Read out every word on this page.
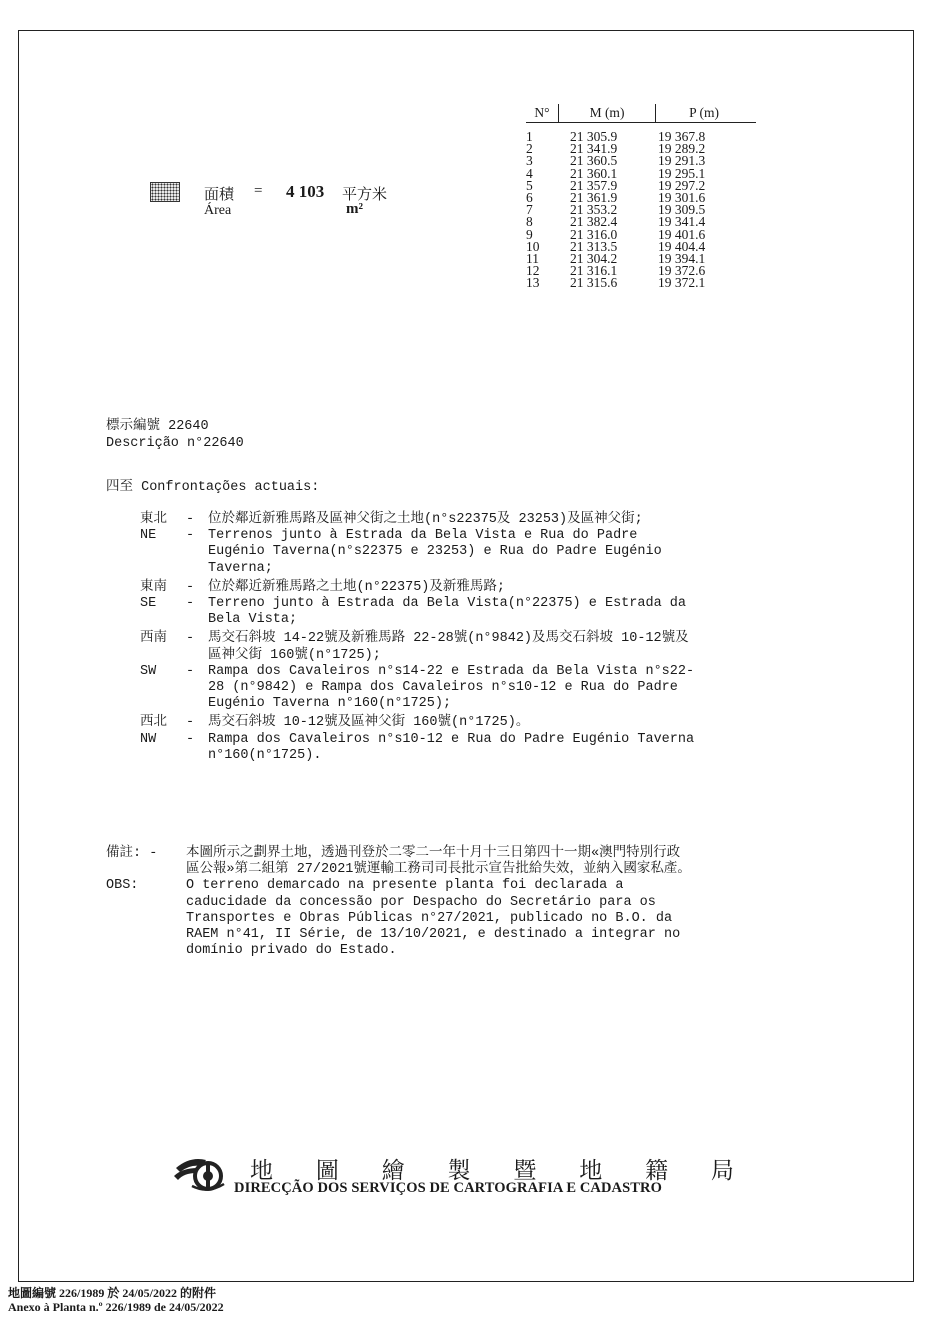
N°	M (m)	P (m)
1	21 305.9	19 367.8
2	21 341.9	19 289.2
3	21 360.5	19 291.3
4	21 360.1	19 295.1
5	21 357.9	19 297.2
6	21 361.9	19 301.6
7	21 353.2	19 309.5
8	21 382.4	19 341.4
9	21 316.0	19 401.6
10	21 313.5	19 404.4
11	21 304.2	19 394.1
12	21 316.1	19 372.6
13	21 315.6	19 372.1
面積
Área
= 4 103 平方米
m²
標示編號 22640
Descrição n°22640
四至 Confrontações actuais:
東北	-	位於鄰近新雅馬路及區神父街之土地(n°s22375及 23253)及區神父街;
NE	-	Terrenos junto à Estrada da Bela Vista e Rua do Padre
Eugénio Taverna(n°s22375 e 23253) e Rua do Padre Eugénio
Taverna;
東南	-	位於鄰近新雅馬路之土地(n°22375)及新雅馬路;
SE	-	Terreno junto à Estrada da Bela Vista(n°22375) e Estrada da
Bela Vista;
西南	-	馬交石斜坡 14-22號及新雅馬路 22-28號(n°9842)及馬交石斜坡 10-12號及
區神父街 160號(n°1725);
SW	-	Rampa dos Cavaleiros n°s14-22 e Estrada da Bela Vista n°s22-
28 (n°9842) e Rampa dos Cavaleiros n°s10-12 e Rua do Padre
Eugénio Taverna n°160(n°1725);
西北	-	馬交石斜坡 10-12號及區神父街 160號(n°1725)。
NW	-	Rampa dos Cavaleiros n°s10-12 e Rua do Padre Eugénio Taverna
n°160(n°1725).
備註: -	本圖所示之劃界土地，透過刊登於二零二一年十月十三日第四十一期«澳門特別行政
區公報»第二組第 27/2021號運輸工務司司長批示宣告批給失效，並納入國家私產。
OBS:	O terreno demarcado na presente planta foi declarada a
caducidade da concessão por Despacho do Secretário para os
Transportes e Obras Públicas n°27/2021, publicado no B.O. da
RAEM n°41, II Série, de 13/10/2021, e destinado a integrar no
domínio privado do Estado.
地 圖 繪 製 暨 地 籍 局
DIRECÇÃO DOS SERVIÇOS DE CARTOGRAFIA E CADASTRO
地圖編號 226/1989 於 24/05/2022 的附件
Anexo à Planta n.º 226/1989 de 24/05/2022
